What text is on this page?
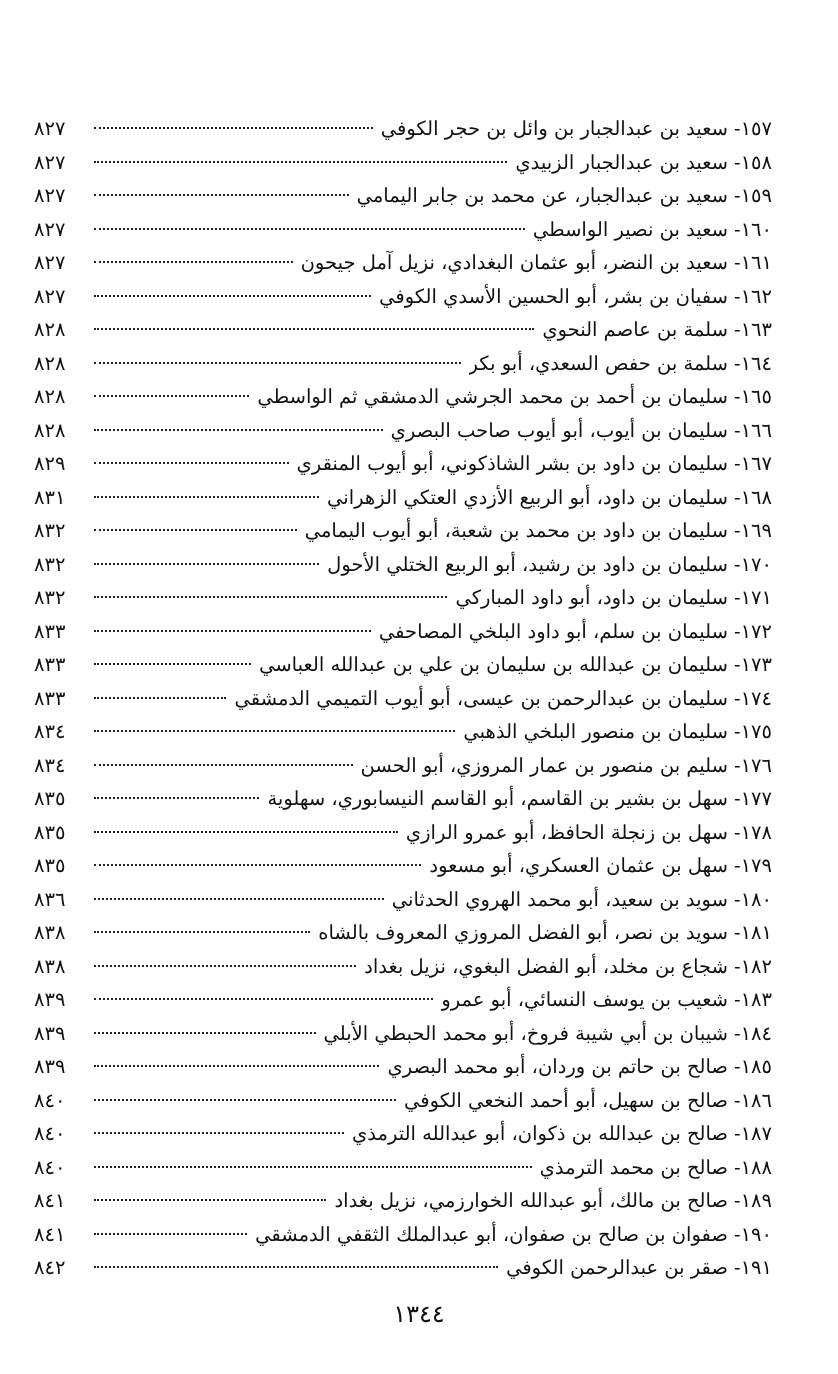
١٥٧-
سعيد بن عبدالجبار بن وائل بن حجر الكوفي
٨٢٧
١٥٨-
سعيد بن عبدالجبار الزبيدي
٨٢٧
١٥٩-
سعيد بن عبدالجبار، عن محمد بن جابر اليمامي
٨٢٧
١٦٠-
سعيد بن نصير الواسطي
٨٢٧
١٦١-
سعيد بن النضر، أبو عثمان البغدادي، نزيل آمل جيحون
٨٢٧
١٦٢-
سفيان بن بشر، أبو الحسين الأسدي الكوفي
٨٢٧
١٦٣-
سلمة بن عاصم النحوي
٨٢٨
١٦٤-
سلمة بن حفص السعدي، أبو بكر
٨٢٨
١٦٥-
سليمان بن أحمد بن محمد الجرشي الدمشقي ثم الواسطي
٨٢٨
١٦٦-
سليمان بن أيوب، أبو أيوب صاحب البصري
٨٢٨
١٦٧-
سليمان بن داود بن بشر الشاذكوني، أبو أيوب المنقري
٨٢٩
١٦٨-
سليمان بن داود، أبو الربيع الأزدي العتكي الزهراني
٨٣١
١٦٩-
سليمان بن داود بن محمد بن شعبة، أبو أيوب اليمامي
٨٣٢
١٧٠-
سليمان بن داود بن رشيد، أبو الربيع الختلي الأحول
٨٣٢
١٧١-
سليمان بن داود، أبو داود المباركي
٨٣٢
١٧٢-
سليمان بن سلم، أبو داود البلخي المصاحفي
٨٣٣
١٧٣-
سليمان بن عبدالله بن سليمان بن علي بن عبدالله العباسي
٨٣٣
١٧٤-
سليمان بن عبدالرحمن بن عيسى، أبو أيوب التميمي الدمشقي
٨٣٣
١٧٥-
سليمان بن منصور البلخي الذهبي
٨٣٤
١٧٦-
سليم بن منصور بن عمار المروزي، أبو الحسن
٨٣٤
١٧٧-
سهل بن بشير بن القاسم، أبو القاسم النيسابوري، سهلوية
٨٣٥
١٧٨-
سهل بن زنجلة الحافظ، أبو عمرو الرازي
٨٣٥
١٧٩-
سهل بن عثمان العسكري، أبو مسعود
٨٣٥
١٨٠-
سويد بن سعيد، أبو محمد الهروي الحدثاني
٨٣٦
١٨١-
سويد بن نصر، أبو الفضل المروزي المعروف بالشاه
٨٣٨
١٨٢-
شجاع بن مخلد، أبو الفضل البغوي، نزيل بغداد
٨٣٨
١٨٣-
شعيب بن يوسف النسائي، أبو عمرو
٨٣٩
١٨٤-
شيبان بن أبي شيبة فروخ، أبو محمد الحبطي الأبلي
٨٣٩
١٨٥-
صالح بن حاتم بن وردان، أبو محمد البصري
٨٣٩
١٨٦-
صالح بن سهيل، أبو أحمد النخعي الكوفي
٨٤٠
١٨٧-
صالح بن عبدالله بن ذكوان، أبو عبدالله الترمذي
٨٤٠
١٨٨-
صالح بن محمد الترمذي
٨٤٠
١٨٩-
صالح بن مالك، أبو عبدالله الخوارزمي، نزيل بغداد
٨٤١
١٩٠-
صفوان بن صالح بن صفوان، أبو عبدالملك الثقفي الدمشقي
٨٤١
١٩١-
صقر بن عبدالرحمن الكوفي
٨٤٢
١٣٤٤
